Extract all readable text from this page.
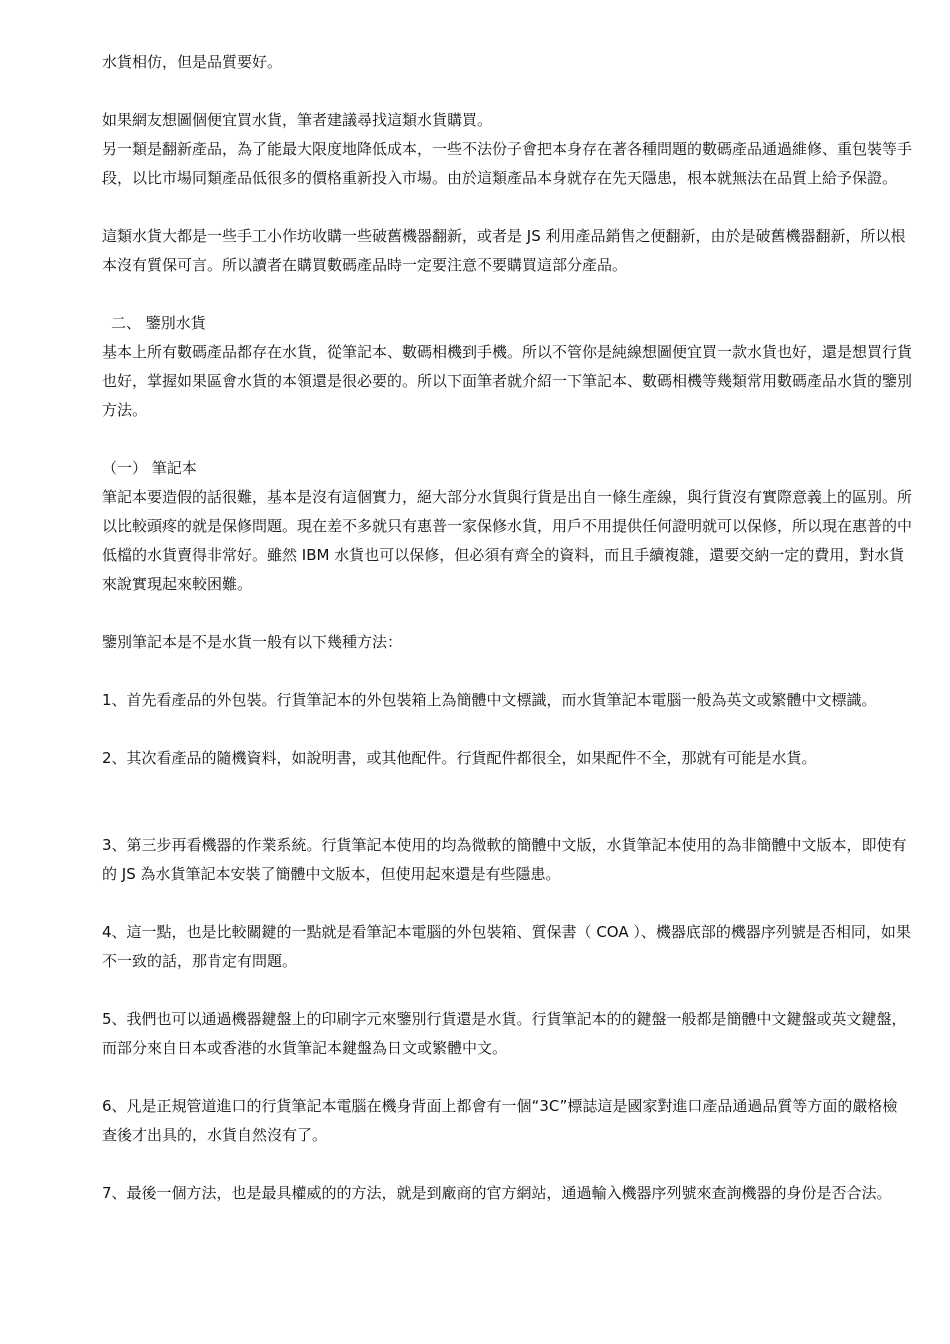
水貨相仿，但是品質要好。

如果網友想圖個便宜買水貨，筆者建議尋找這類水貨購買。

另一類是翻新產品，為了能最大限度地降低成本，一些不法份子會把本身存在著各種問題的數碼產品通過維修、重包裝等手段，以比市場同類產品低很多的價格重新投入市場。由於這類產品本身就存在先天隱患，根本就無法在品質上給予保證。

這類水貨大都是一些手工小作坊收購一些破舊機器翻新，或者是 JS 利用產品銷售之便翻新，由於是破舊機器翻新，所以根本沒有質保可言。所以讀者在購買數碼產品時一定要注意不要購買這部分產品。

二、 鑒別水貨

基本上所有數碼產品都存在水貨，從筆記本、數碼相機到手機。所以不管你是純線想圖便宜買一款水貨也好，還是想買行貨也好，掌握如果區會水貨的本領還是很必要的。所以下面筆者就介紹一下筆記本、數碼相機等幾類常用數碼產品水貨的鑒別方法。

（一） 筆記本

筆記本要造假的話很難，基本是沒有這個實力，絕大部分水貨與行貨是出自一條生產線，與行貨沒有實際意義上的區別。所以比較頭疼的就是保修問題。現在差不多就只有惠普一家保修水貨，用戶不用提供任何證明就可以保修，所以現在惠普的中低檔的水貨賣得非常好。雖然 IBM 水貨也可以保修，但必須有齊全的資料，而且手續複雜，還要交納一定的費用，對水貨來說實現起來較困難。

鑒別筆記本是不是水貨一般有以下幾種方法：

1、首先看產品的外包裝。行貨筆記本的外包裝箱上為簡體中文標識，而水貨筆記本電腦一般為英文或繁體中文標識。

2、其次看產品的隨機資料，如說明書，或其他配件。行貨配件都很全，如果配件不全，那就有可能是水貨。

3、第三步再看機器的作業系統。行貨筆記本使用的均為微軟的簡體中文版，水貨筆記本使用的為非簡體中文版本，即使有的 JS 為水貨筆記本安裝了簡體中文版本，但使用起來還是有些隱患。

4、這一點，也是比較關鍵的一點就是看筆記本電腦的外包裝箱、質保書（ COA ）、機器底部的機器序列號是否相同，如果不一致的話，那肯定有問題。

5、我們也可以通過機器鍵盤上的印刷字元來鑒別行貨還是水貨。行貨筆記本的的鍵盤一般都是簡體中文鍵盤或英文鍵盤，而部分來自日本或香港的水貨筆記本鍵盤為日文或繁體中文。

6、凡是正規管道進口的行貨筆記本電腦在機身背面上都會有一個“3C”標誌這是國家對進口產品通過品質等方面的嚴格檢查後才出具的，水貨自然沒有了。

7、最後一個方法，也是最具權威的的方法，就是到廠商的官方網站，通過輸入機器序列號來查詢機器的身份是否合法。
